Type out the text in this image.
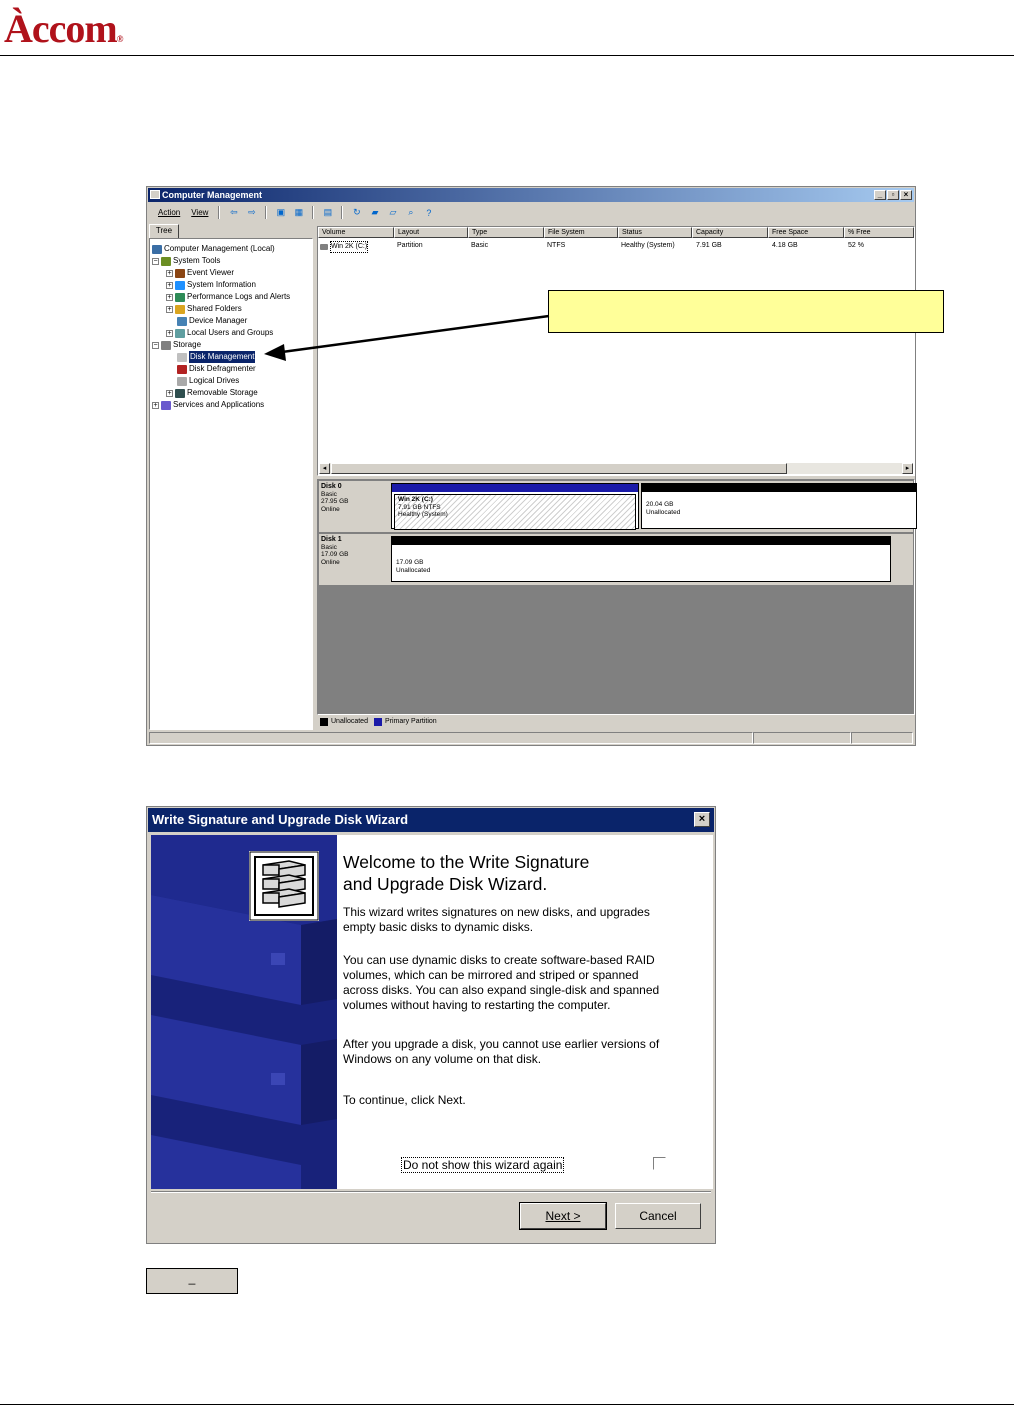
Àccom®
Computer Management	_	▫	×
Action	View	⇦	⇨	▣	▦	▤	↻	▰	▱	⌕	?
Tree
Computer Management (Local)
− System Tools
+ Event Viewer
+ System Information
+ Performance Logs and Alerts
+ Shared Folders
Device Manager
+ Local Users and Groups
− Storage
Disk Management
Disk Defragmenter
Logical Drives
+ Removable Storage
+ Services and Applications
Volume	Layout	Type	File System	Status	Capacity	Free Space	% Free
Win 2K (C:)	Partition	Basic	NTFS	Healthy (System)	7.91 GB	4.18 GB	52 %
◂	▸
Disk 0
Basic
27.95 GB
Online
Win 2K (C:)
7.91 GB NTFS
Healthy (System)
20.04 GB
Unallocated
Disk 1
Basic
17.09 GB
Online	17.09 GB
Unallocated
Unallocated Primary Partition
Write Signature and Upgrade Disk Wizard	×
Welcome to the Write Signature
and Upgrade Disk Wizard.
This wizard writes signatures on new disks, and upgrades
empty basic disks to dynamic disks.
You can use dynamic disks to create software-based RAID
volumes, which can be mirrored and striped or spanned
across disks. You can also expand single-disk and spanned
volumes without having to restarting the computer.
After you upgrade a disk, you cannot use earlier versions of
Windows on any volume on that disk.
To continue, click Next.
Do not show this wizard again
Next >	Cancel
_
